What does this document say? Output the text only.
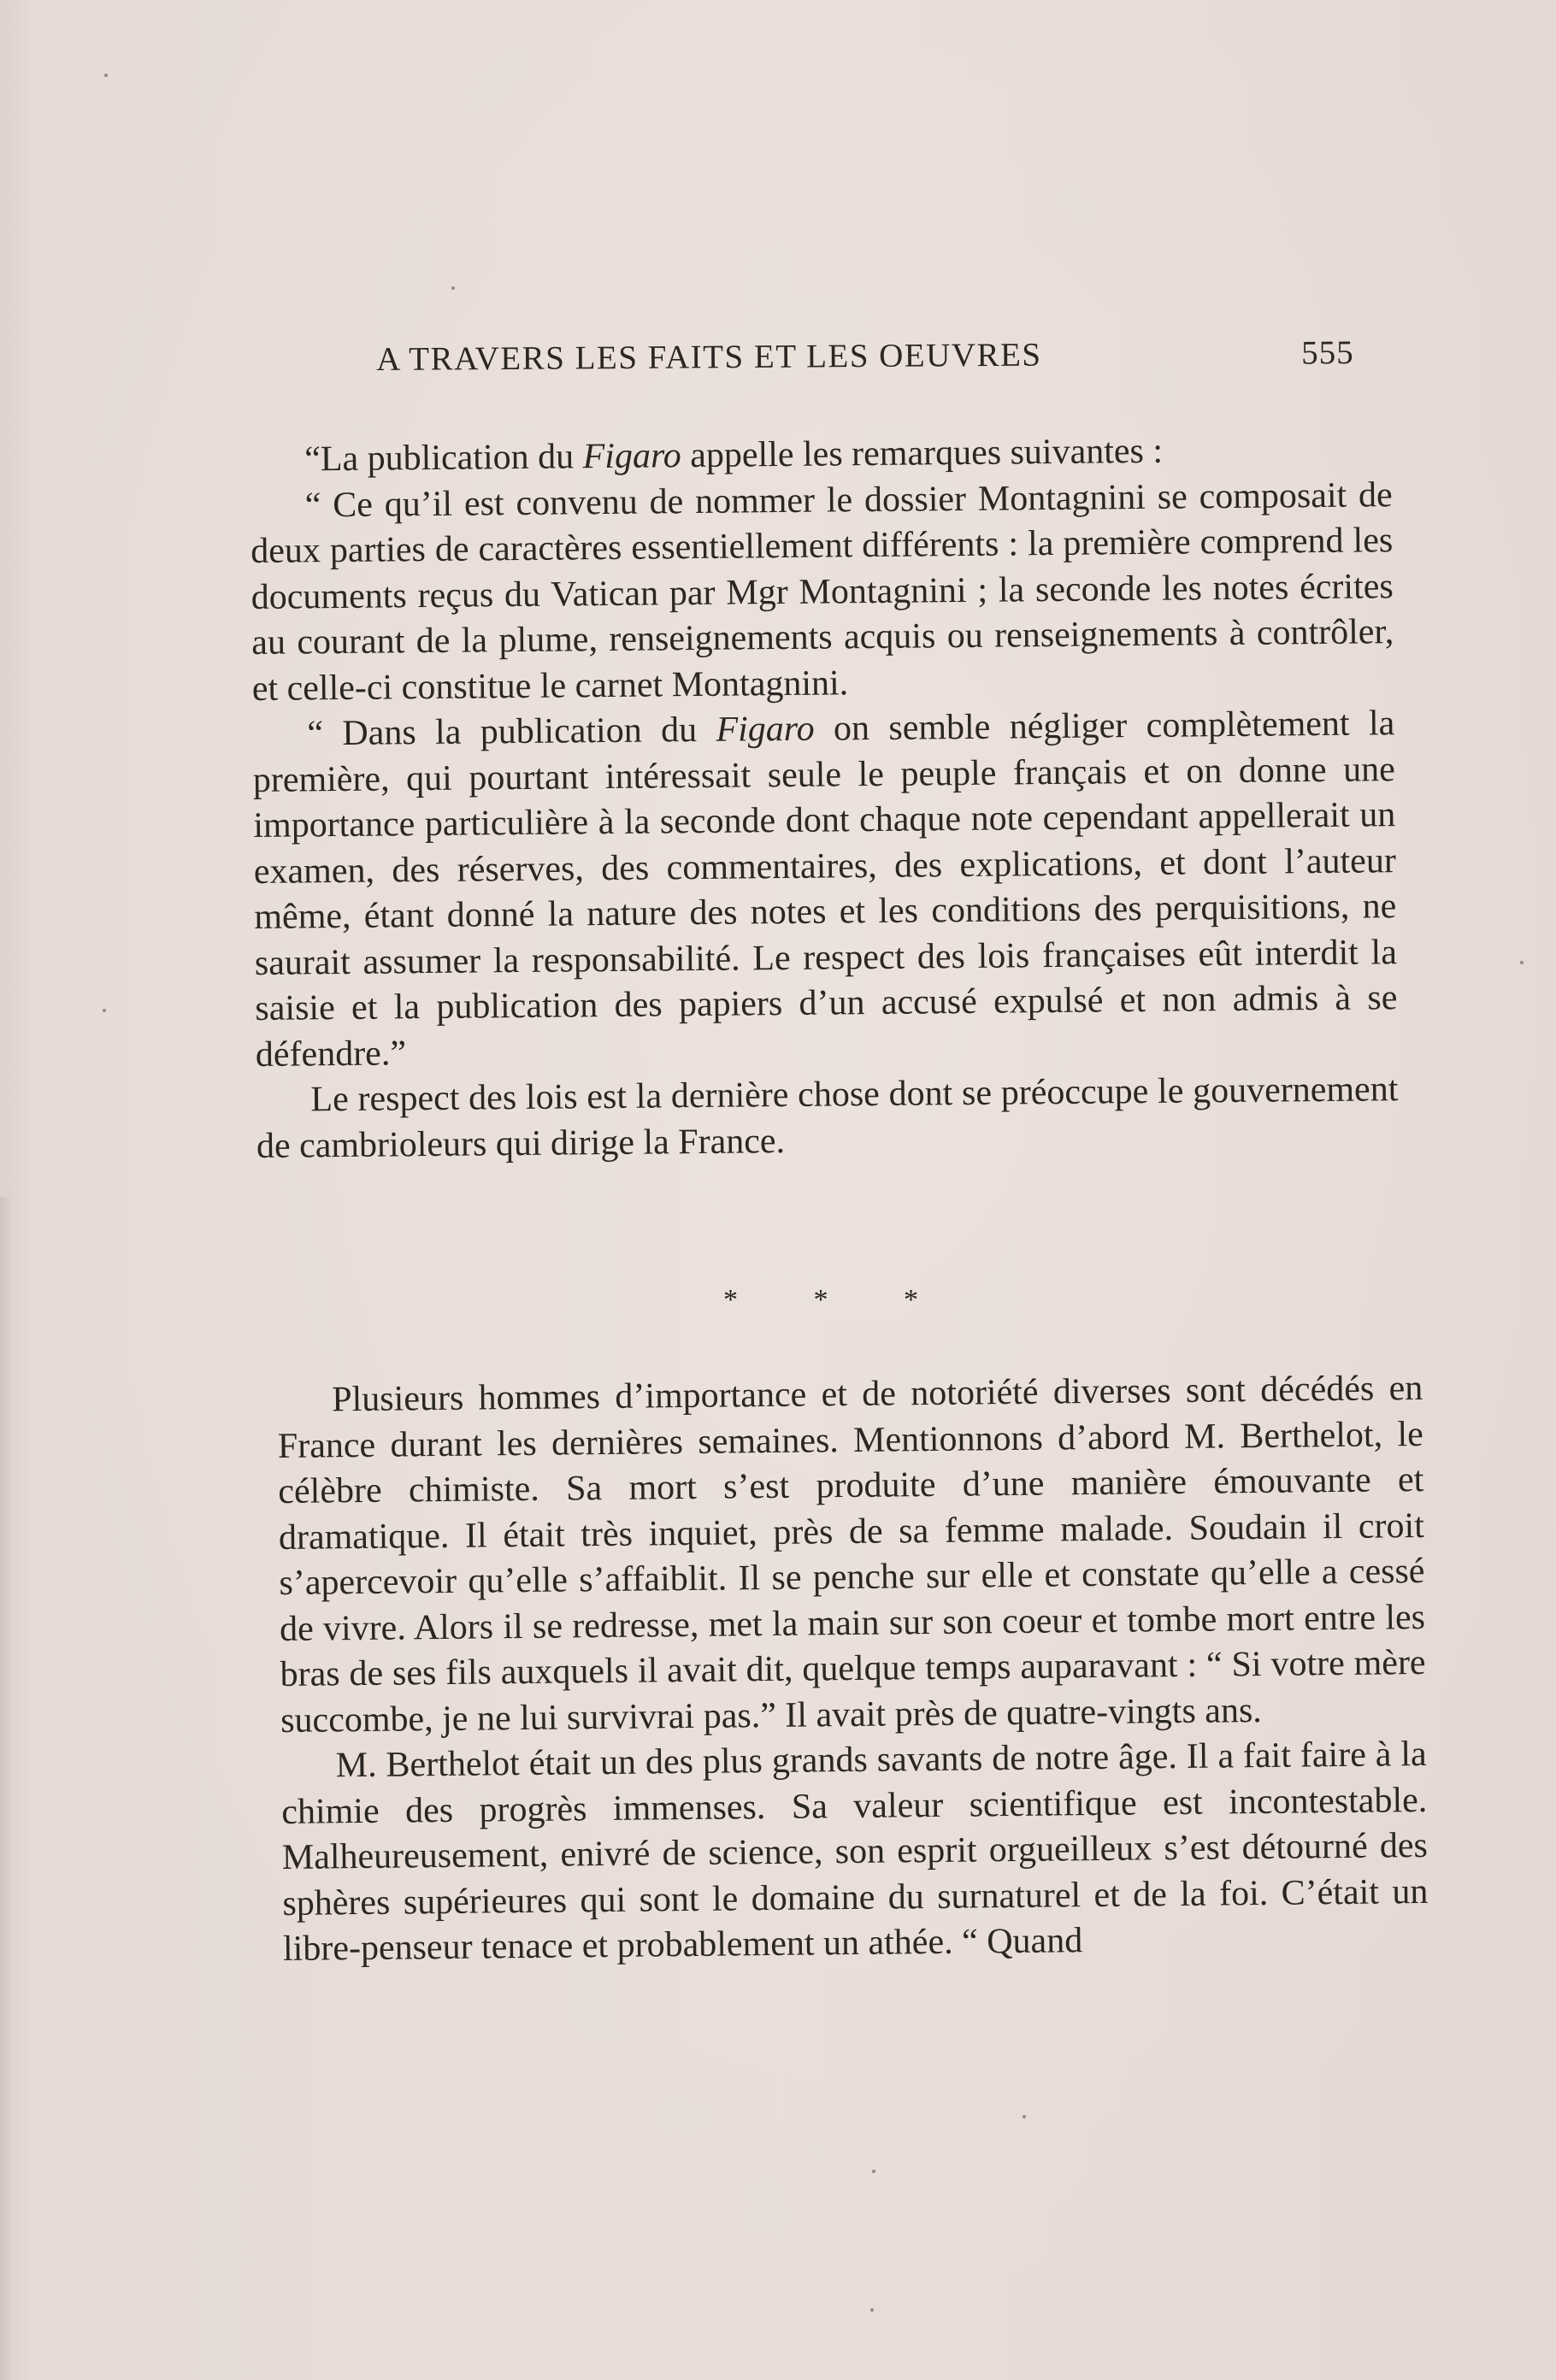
A TRAVERS LES FAITS ET LES OEUVRES	555

“La publication du Figaro appelle les remarques suivantes :

“ Ce qu’il est convenu de nommer le dossier Montagnini se composait de deux parties de caractères essentiellement différents : la première comprend les documents reçus du Vatican par Mgr Montagnini ; la seconde les notes écrites au courant de la plume, renseignements acquis ou renseignements à contrôler, et celle-ci constitue le carnet Montagnini.

“ Dans la publication du Figaro on semble négliger complètement la première, qui pourtant intéressait seule le peuple français et on donne une importance particulière à la seconde dont chaque note cependant appellerait un examen, des réserves, des commentaires, des explications, et dont l’auteur même, étant donné la nature des notes et les conditions des perquisitions, ne saurait assumer la responsabilité. Le respect des lois françaises eût interdit la saisie et la publication des papiers d’un accusé expulsé et non admis à se défendre.”

Le respect des lois est la dernière chose dont se préoccupe le gouvernement de cambrioleurs qui dirige la France.

* * *

Plusieurs hommes d’importance et de notoriété diverses sont décédés en France durant les dernières semaines. Mentionnons d’abord M. Berthelot, le célèbre chimiste. Sa mort s’est produite d’une manière émouvante et dramatique. Il était très inquiet, près de sa femme malade. Soudain il croit s’apercevoir qu’elle s’affaiblit. Il se penche sur elle et constate qu’elle a cessé de vivre. Alors il se redresse, met la main sur son coeur et tombe mort entre les bras de ses fils auxquels il avait dit, quelque temps auparavant : “ Si votre mère succombe, je ne lui survivrai pas.” Il avait près de quatre-vingts ans.

M. Berthelot était un des plus grands savants de notre âge. Il a fait faire à la chimie des progrès immenses. Sa valeur scientifique est incontestable. Malheureusement, enivré de science, son esprit orgueilleux s’est détourné des sphères supérieures qui sont le domaine du surnaturel et de la foi. C’était un libre-penseur tenace et probablement un athée. “ Quand
